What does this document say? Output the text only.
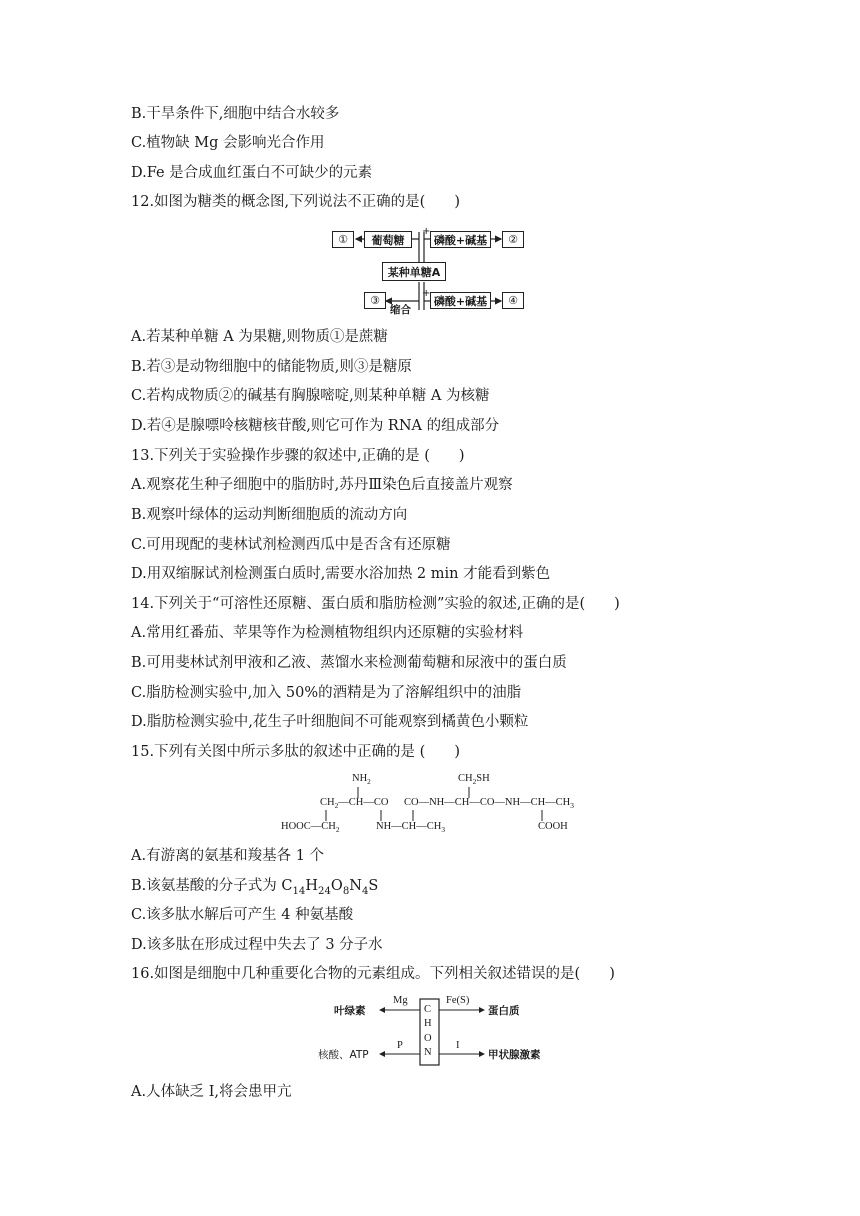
B.干旱条件下,细胞中结合水较多
C.植物缺 Mg 会影响光合作用
D.Fe 是合成血红蛋白不可缺少的元素
12.如图为糖类的概念图,下列说法不正确的是(　　)
①	葡萄糖
+
磷酸+碱基	②
某种单糖A
③
缩合
+
磷酸+碱基	④
A.若某种单糖 A 为果糖,则物质①是蔗糖
B.若③是动物细胞中的储能物质,则③是糖原
C.若构成物质②的碱基有胸腺嘧啶,则某种单糖 A 为核糖
D.若④是腺嘌呤核糖核苷酸,则它可作为 RNA 的组成部分
13.下列关于实验操作步骤的叙述中,正确的是 (　　)
A.观察花生种子细胞中的脂肪时,苏丹Ⅲ染色后直接盖片观察
B.观察叶绿体的运动判断细胞质的流动方向
C.可用现配的斐林试剂检测西瓜中是否含有还原糖
D.用双缩脲试剂检测蛋白质时,需要水浴加热 2 min 才能看到紫色
14.下列关于“可溶性还原糖、蛋白质和脂肪检测”实验的叙述,正确的是(　　)
A.常用红番茄、苹果等作为检测植物组织内还原糖的实验材料
B.可用斐林试剂甲液和乙液、蒸馏水来检测葡萄糖和尿液中的蛋白质
C.脂肪检测实验中,加入 50%的酒精是为了溶解组织中的油脂
D.脂肪检测实验中,花生子叶细胞间不可能观察到橘黄色小颗粒
15.下列有关图中所示多肽的叙述中正确的是 (　　)
$NH_2$	$CH_2SH$
$CH_2—CH—CO$ $CO—NH—CH—CO—NH—CH—CH_3$
$HOOC—CH_2$	$NH—CH—CH_3$	COOH
A.有游离的氨基和羧基各 1 个
B.该氨基酸的分子式为 $C_{14}H_{24}O_8N_4S$
C.该多肽水解后可产生 4 种氨基酸
D.该多肽在形成过程中失去了 3 分子水
16.如图是细胞中几种重要化合物的元素组成。下列相关叙述错误的是(　　)
C
H
O
N
叶绿素
Mg	Fe(S)
蛋白质
核酸、ATP
P	I
甲状腺激素
A.人体缺乏 I,将会患甲亢
